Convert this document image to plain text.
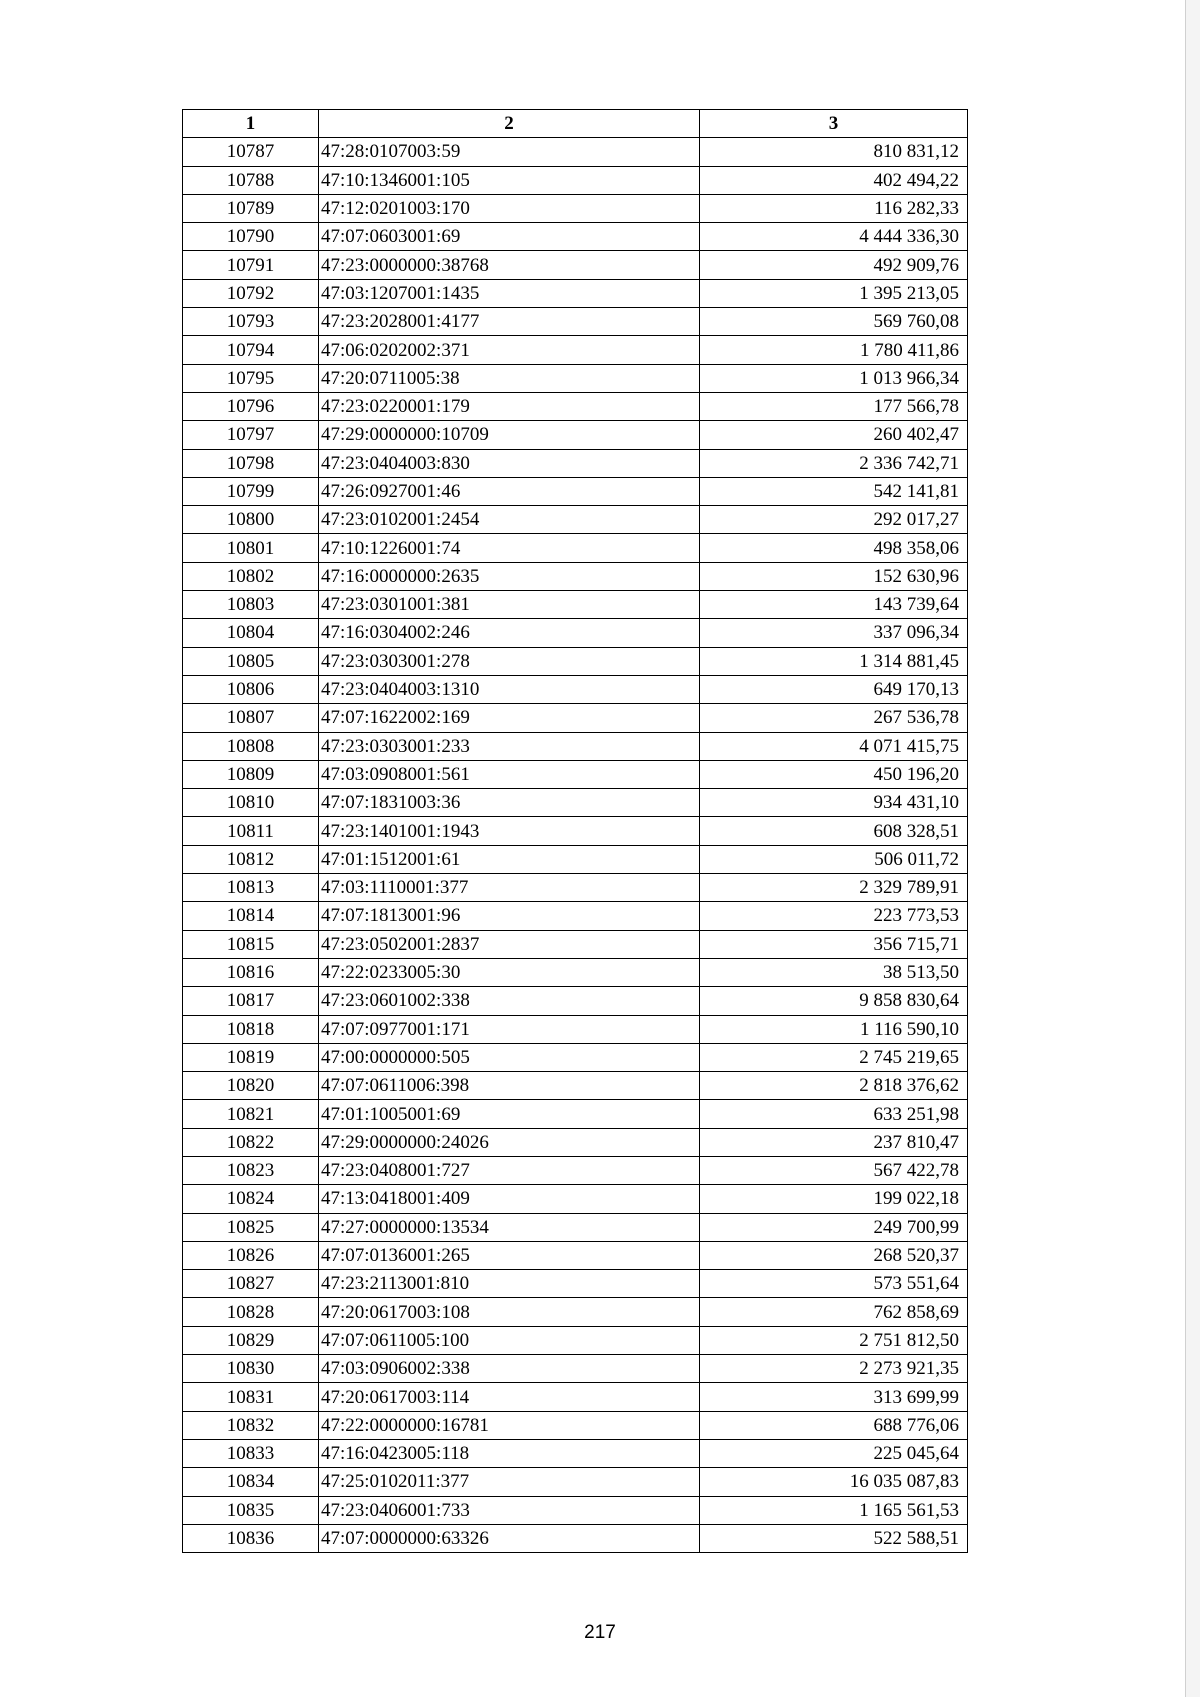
1	2	3
10787	47:28:0107003:59	810 831,12
10788	47:10:1346001:105	402 494,22
10789	47:12:0201003:170	116 282,33
10790	47:07:0603001:69	4 444 336,30
10791	47:23:0000000:38768	492 909,76
10792	47:03:1207001:1435	1 395 213,05
10793	47:23:2028001:4177	569 760,08
10794	47:06:0202002:371	1 780 411,86
10795	47:20:0711005:38	1 013 966,34
10796	47:23:0220001:179	177 566,78
10797	47:29:0000000:10709	260 402,47
10798	47:23:0404003:830	2 336 742,71
10799	47:26:0927001:46	542 141,81
10800	47:23:0102001:2454	292 017,27
10801	47:10:1226001:74	498 358,06
10802	47:16:0000000:2635	152 630,96
10803	47:23:0301001:381	143 739,64
10804	47:16:0304002:246	337 096,34
10805	47:23:0303001:278	1 314 881,45
10806	47:23:0404003:1310	649 170,13
10807	47:07:1622002:169	267 536,78
10808	47:23:0303001:233	4 071 415,75
10809	47:03:0908001:561	450 196,20
10810	47:07:1831003:36	934 431,10
10811	47:23:1401001:1943	608 328,51
10812	47:01:1512001:61	506 011,72
10813	47:03:1110001:377	2 329 789,91
10814	47:07:1813001:96	223 773,53
10815	47:23:0502001:2837	356 715,71
10816	47:22:0233005:30	38 513,50
10817	47:23:0601002:338	9 858 830,64
10818	47:07:0977001:171	1 116 590,10
10819	47:00:0000000:505	2 745 219,65
10820	47:07:0611006:398	2 818 376,62
10821	47:01:1005001:69	633 251,98
10822	47:29:0000000:24026	237 810,47
10823	47:23:0408001:727	567 422,78
10824	47:13:0418001:409	199 022,18
10825	47:27:0000000:13534	249 700,99
10826	47:07:0136001:265	268 520,37
10827	47:23:2113001:810	573 551,64
10828	47:20:0617003:108	762 858,69
10829	47:07:0611005:100	2 751 812,50
10830	47:03:0906002:338	2 273 921,35
10831	47:20:0617003:114	313 699,99
10832	47:22:0000000:16781	688 776,06
10833	47:16:0423005:118	225 045,64
10834	47:25:0102011:377	16 035 087,83
10835	47:23:0406001:733	1 165 561,53
10836	47:07:0000000:63326	522 588,51
217
